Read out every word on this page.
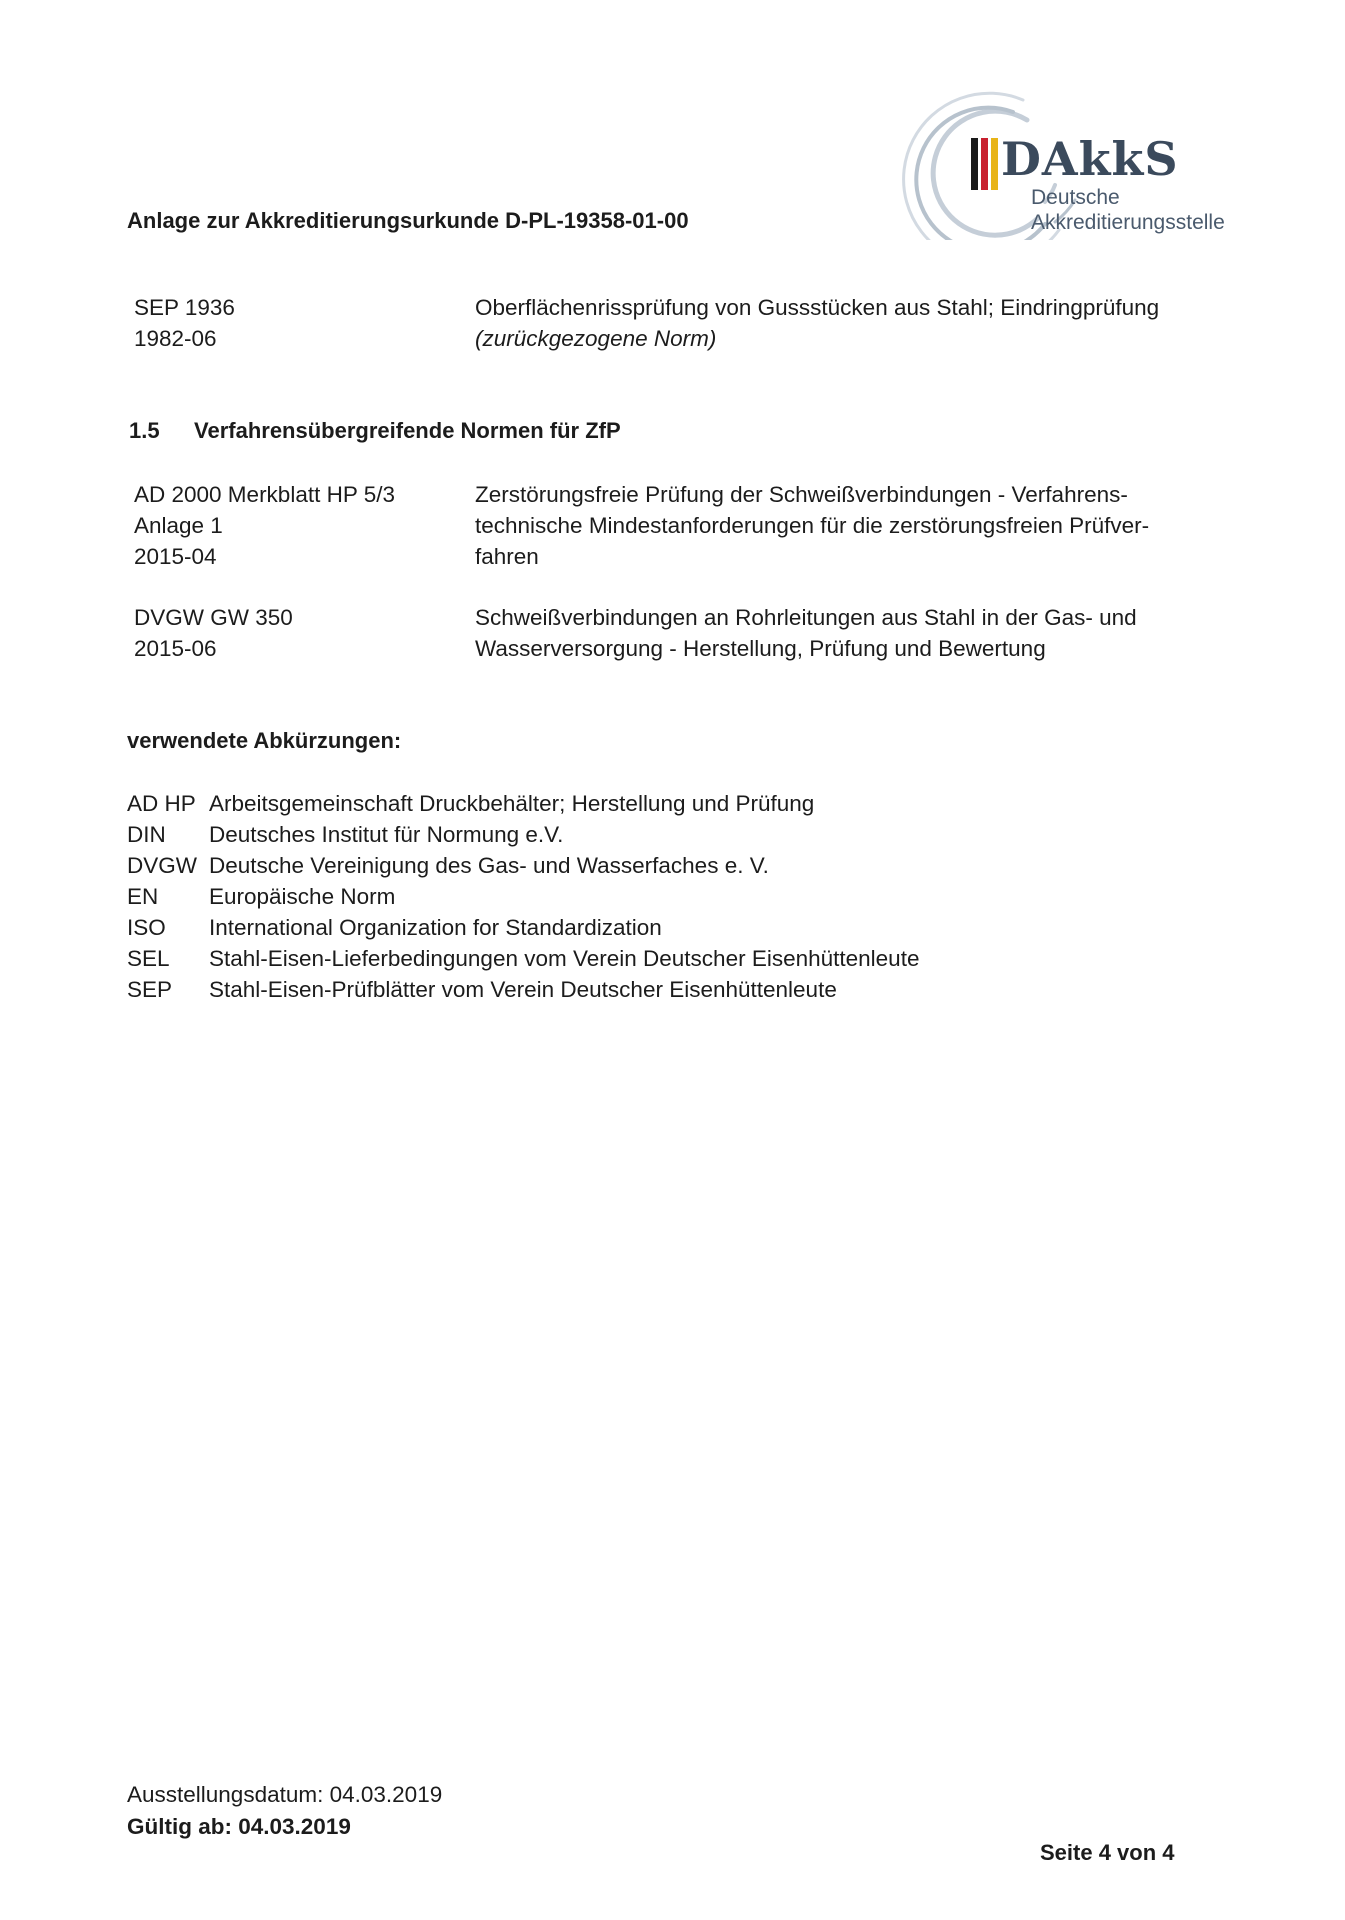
Anlage zur Akkreditierungsurkunde D-PL-19358-01-00
DAkkS
Deutsche
Akkreditierungsstelle
SEP 1936
1982-06
Oberflächenrissprüfung von Gussstücken aus Stahl; Eindringprüfung
(zurückgezogene Norm)
1.5 Verfahrensübergreifende Normen für ZfP
AD 2000 Merkblatt HP 5/3
Anlage 1
2015-04
Zerstörungsfreie Prüfung der Schweißverbindungen - Verfahrens-
technische Mindestanforderungen für die zerstörungsfreien Prüfver-
fahren
DVGW GW 350
2015-06
Schweißverbindungen an Rohrleitungen aus Stahl in der Gas- und
Wasserversorgung - Herstellung, Prüfung und Bewertung
verwendete Abkürzungen:
AD HP Arbeitsgemeinschaft Druckbehälter; Herstellung und Prüfung
DIN Deutsches Institut für Normung e.V.
DVGW Deutsche Vereinigung des Gas- und Wasserfaches e. V.
EN Europäische Norm
ISO International Organization for Standardization
SEL Stahl-Eisen-Lieferbedingungen vom Verein Deutscher Eisenhüttenleute
SEP Stahl-Eisen-Prüfblätter vom Verein Deutscher Eisenhüttenleute
Ausstellungsdatum: 04.03.2019
Gültig ab: 04.03.2019
Seite 4 von 4
